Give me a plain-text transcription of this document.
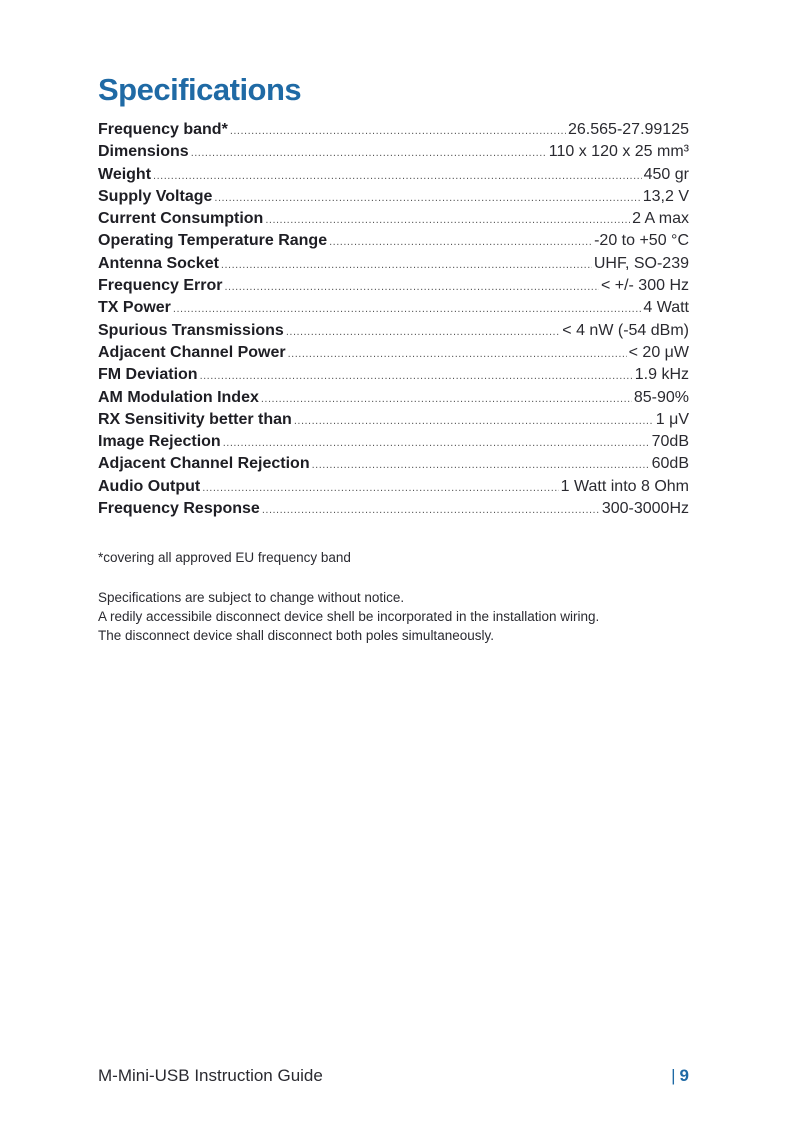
Specifications
Frequency band* .....	26.565-27.99125
Dimensions .....	110 x 120 x 25 mm³
Weight .....	450 gr
Supply Voltage .....	13,2 V
Current Consumption .....	2 A max
Operating Temperature Range .....	-20 to +50 °C
Antenna Socket .....	UHF, SO-239
Frequency Error .....	< +/- 300 Hz
TX Power .....	4 Watt
Spurious Transmissions .....	< 4 nW (-54 dBm)
Adjacent Channel Power .....	< 20 μW
FM Deviation .....	1.9 kHz
AM Modulation Index .....	85-90%
RX Sensitivity better than .....	1 μV
Image Rejection .....	70dB
Adjacent Channel Rejection .....	60dB
Audio Output .....	1 Watt into 8 Ohm
Frequency Response .....	300-3000Hz

*covering all approved EU frequency band

Specifications are subject to change without notice.

A redily accessibile disconnect device shell be incorporated in the installation wiring.

The disconnect device shall disconnect both poles simultaneously.

M-Mini-USB Instruction Guide	| 9
